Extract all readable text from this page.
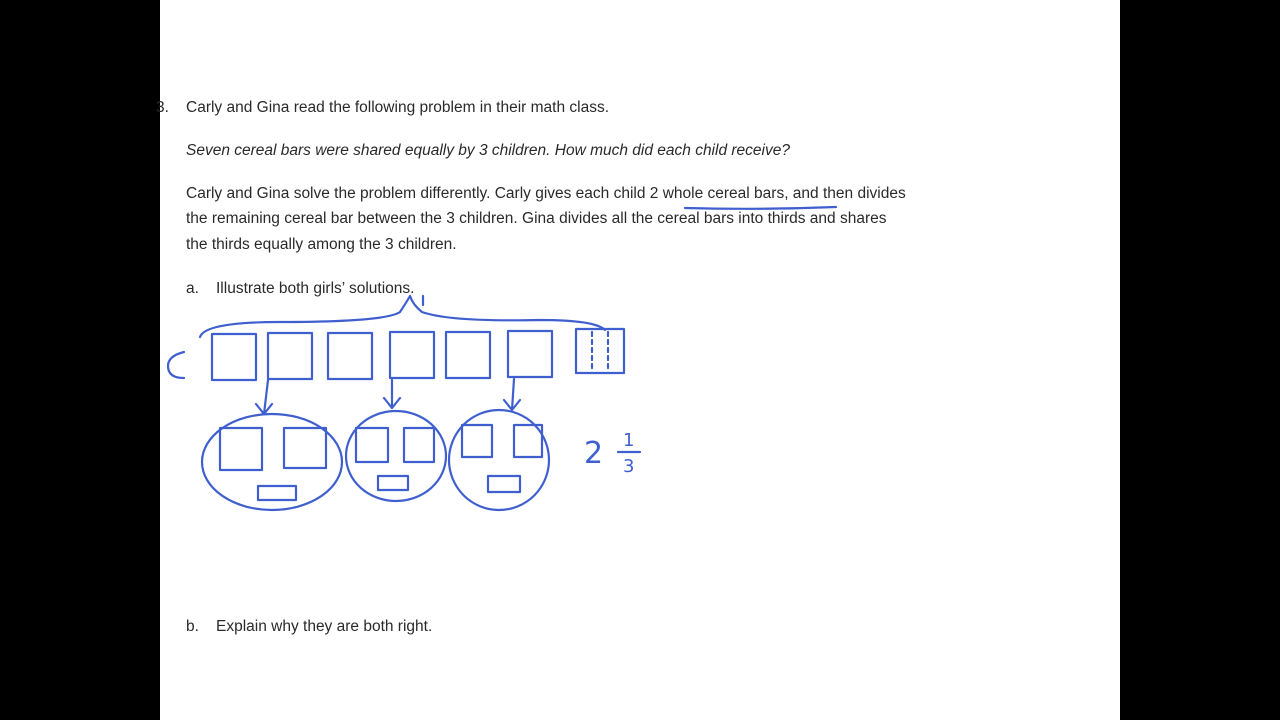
3. Carly and Gina read the following problem in their math class.
Seven cereal bars were shared equally by 3 children. How much did each child receive?
Carly and Gina solve the problem differently. Carly gives each child 2 whole cereal bars, and then divides
the remaining cereal bar between the 3 children. Gina divides all the cereal bars into thirds and shares
the thirds equally among the 3 children.
a. Illustrate both girls’ solutions.
b. Explain why they are both right.
2 1
3
